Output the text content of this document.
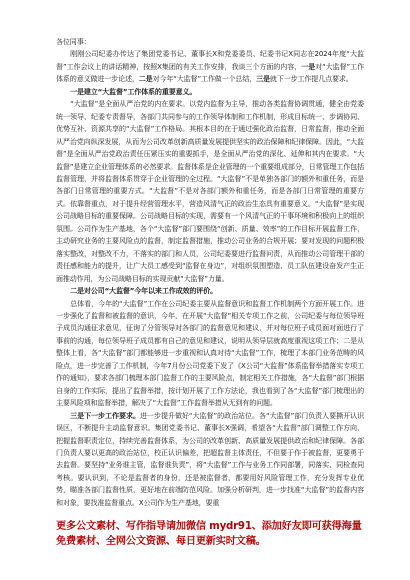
各位同事：

刚刚公司纪委办传达了集团党委书记、董事长X和党委委员、纪委书记X同志在2024年度“大监督”工作会议上的讲话精神，按照X集团的有关工作安排，我谈三个方面的内容，一是对“大监督”工作体系的意义做进一步论述，二是对今年“大监督”工作做一个总结，三是就下一步工作提几点要求。

一是建立“大监督”工作体系的重要意义。

“大监督”是全面从严治党的内在要求。以党内监督为主导，推动各类监督协调贯通，健全由党委统一领导、纪委专责督导，各部门共同参与的工作领导体制和工作机制，形成目标统一、步调协同、优势互补、资源共享的“大监督”工作格局。其根本目的在于通过强化政治监督，日常监督，推动全面从严治党向纵深发展，从而为公司改革创新高质量发展提供坚实的政治保障和纪律保障。因此，“大监督”是全面从严治党政治责任压紧压实的重要抓手，是全面从严治党的深化、延伸和其内在要求。“大监督”是建立企业管理体系的必然要求。监督体系是企业管理的一个重要组成部分，日常管理工作包括监督管理，并将监督体系贯穿于企业管理的全过程。“大监督”不是单独各部门的额外和重任务，而是各部门日常管理的重要方式。“大监督”不是对各部门额外和重任务，而是各部门日常管理的重要方式。依靠督重点，对于提升经营管理水平，营造风清气正的政治生态具有重要意义。“大监督”是实现公司战略目标的重要保障。公司战略目标的实现，需要有一个风清气正的干事环境和积极向上的组织氛围。公司作为生产基地，各个“大监督”部门要围绕“创新、质量、效率”的工作目标开展监督工作，主动研究业务的主要风险点的监督，制定监督措施，推动公司业务的合规开展；要对发现的问题积极落实整改，对整改不力，不落实的部门和人员，公司纪委要进行监督问责，从而推动公司管理干部的责任感和能力的提升，让广大员工感受到“监督在身边”，对组织氛围塑造、员工队伍建设奋发产生正面推动作用，为公司战略目标的实现贡献“大监督”力量。

二是对公司“大监督”今年以来工作成效的评价。

总体看，今年的“大监督”工作在公司纪委主要从监督意识和监督工作机制两个方面开展工作。进一步强化了监督和被监督的意识，今年，在开展“大监督”相关专项工作之前，公司纪委与每位领导班子成员沟通征求意见，征询了分管领导对各部门的监督意见和建议，并对每位班子成员面对面进行了事前的沟通，每位领导班子成员都有自己的意见和建议，说明从领导层就高度重视这项工作；二是从整体上看，各“大监督”部门都能够进一步重视和认真对待“大监督”工作，梳理了本部门业务范畴的风险点，进一步完善了工作机制，今年7月份公司党委下发了《X公司“大监督”体系监督举措落实专项工作的通知》，要求各部门梳理本部门监督工作的主要风险点，制定相关工作措施，各“大监督”部门根据自身的工作实际，提出了监督举措，按计划开展了工作方法论，我也看到了各“大监督”部门梳理出的主要风险项和监督举措，解决了“大监督”工作监督举措从无到有的问题。

三是下一步工作要求。进一步提升做好“大监督”的政治站位。各“大监督”部门负责人要撕开认识误区，不断提升主动监督意识。集团党委书记、董事长X强调，希望各“大监督”部门调整工作方向，把握监督职责定位，持续完善监督体系，为公司的改革创新、高质量发展提供政治和纪律保障。各部门负责人要以更高的政治站位，校正认识偏差，把超监督主体责任，不但要于作于被监督，更要勇于去监督。要坚持“业务谁主管，监督谁负责”，将“大监督”工作与业务工作同部署，同落实、同检查同考核。要认识到，不论是监督者的身份，还是被监督者，都要用好风险管理工作，充分发挥专业优势，瞄准各部门监督性质，更好地在前端防范风险。加强分析研判，进一步找准“大监督”的监督内容和对象，要找准监督重点。X公司作为生产基地，要重

更多公文素材、写作指导请加微信 mydr91、添加好友即可获得海量

免费素材、全网公文资源、每日更新实时文稿。
